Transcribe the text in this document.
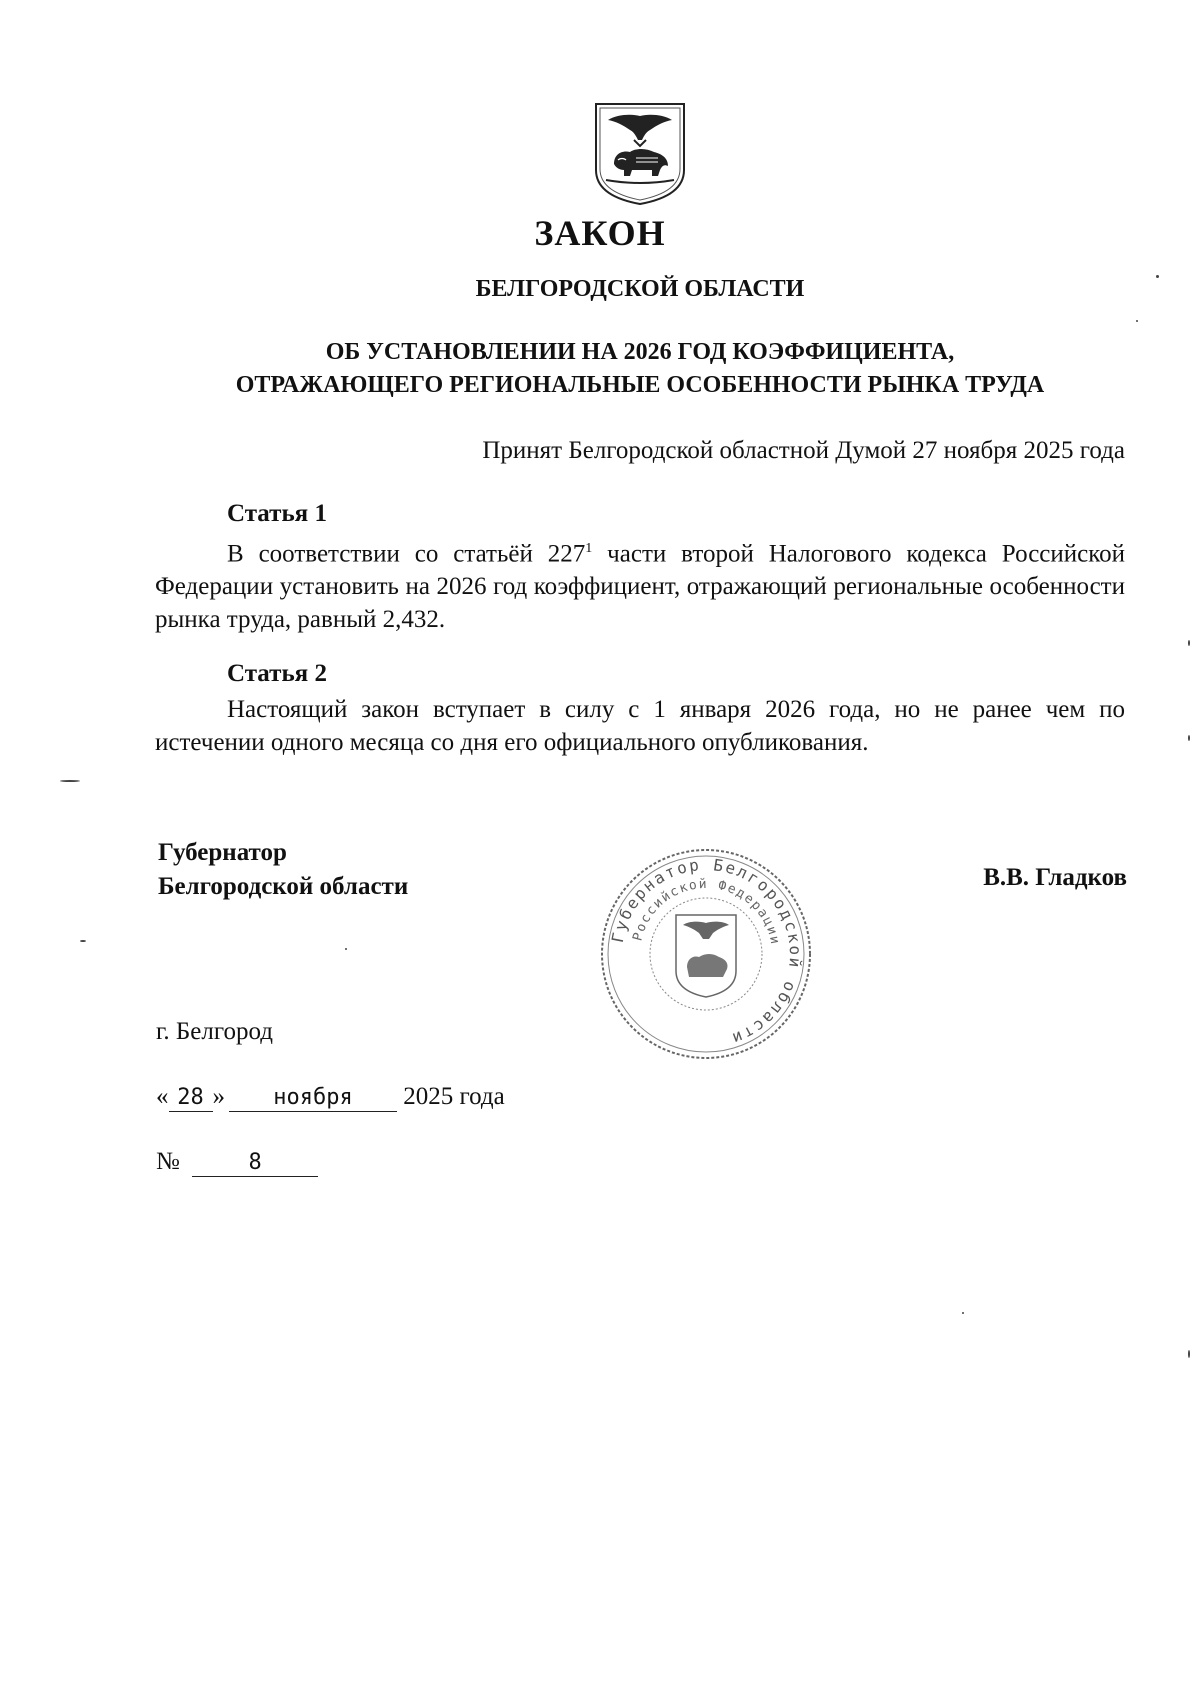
ЗАКОН
БЕЛГОРОДСКОЙ ОБЛАСТИ
ОБ УСТАНОВЛЕНИИ НА 2026 ГОД КОЭФФИЦИЕНТА,
ОТРАЖАЮЩЕГО РЕГИОНАЛЬНЫЕ ОСОБЕННОСТИ РЫНКА ТРУДА
Принят Белгородской областной Думой 27 ноября 2025 года
Статья 1
В соответствии со статьёй $227^1$ части второй Налогового кодекса Российской Федерации установить на 2026 год коэффициент, отражающий региональные особенности рынка труда, равный 2,432.
Статья 2
Настоящий закон вступает в силу с 1 января 2026 года, но не ранее чем по истечении одного месяца со дня его официального опубликования.
Губернатор
Белгородской области	В.В. Гладков
Губернатор Белгородской области
Российской Федерации
г. Белгород
« 28 » ноября 2025 года
№	8
